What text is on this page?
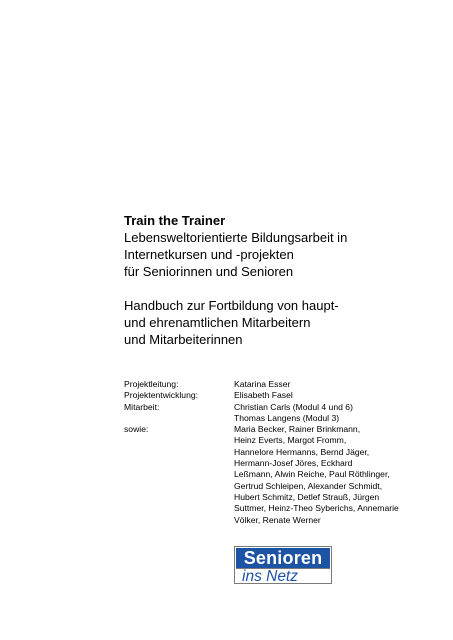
Train the Trainer
Lebensweltorientierte Bildungsarbeit in
Internetkursen und -projekten
für Seniorinnen und Senioren
Handbuch zur Fortbildung von haupt-
und ehrenamtlichen Mitarbeitern
und Mitarbeiterinnen
Projektleitung:	Katarina Esser
Projektentwicklung:	Elisabeth Fasel
Mitarbeit:	Christian Carls (Modul 4 und 6)
Thomas Langens (Modul 3)
sowie:	Maria Becker, Rainer Brinkmann,
Heinz Everts, Margot Fromm,
Hannelore Hermanns, Bernd Jäger,
Hermann-Josef Jöres, Eckhard
Leßmann, Alwin Reiche, Paul Röthlinger,
Gertrud Schleipen, Alexander Schmidt,
Hubert Schmitz, Detlef Strauß, Jürgen
Suttmer, Heinz-Theo Syberichs, Annemarie
Völker, Renate Werner
Senioren
ins Netz
